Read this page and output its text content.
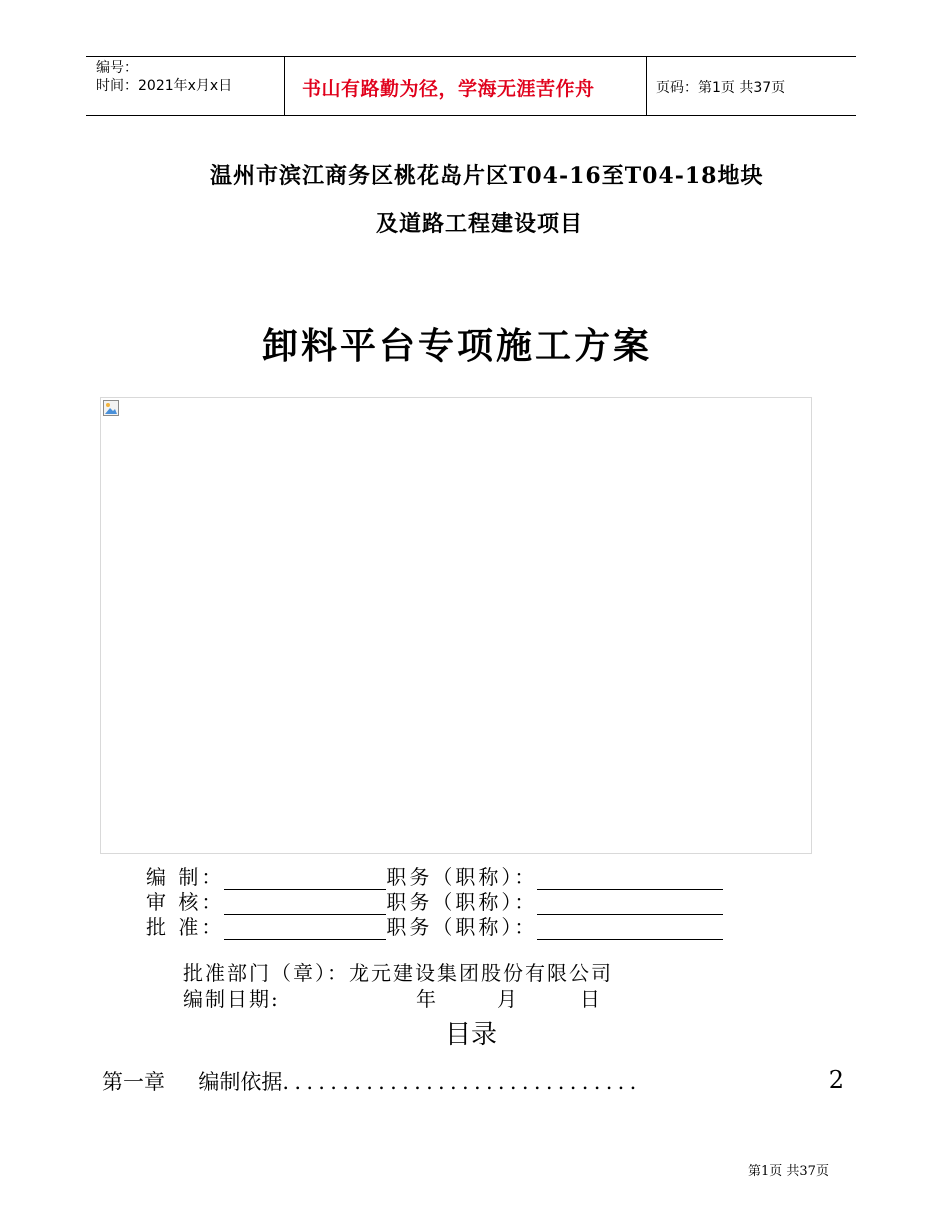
编号：
时间：2021年x月x日	书山有路勤为径，学海无涯苦作舟	页码：第1页 共37页
温州市滨江商务区桃花岛片区T04-16至T04-18地块
及道路工程建设项目
卸料平台专项施工方案
编 制：	职务（职称）：
审 核：	职务（职称）：
批 准：	职务（职称）：
批准部门（章）：龙元建设集团股份有限公司
编制日期:	年	月	日
目录
第一章 编制依据..............................	2
第1页 共37页
